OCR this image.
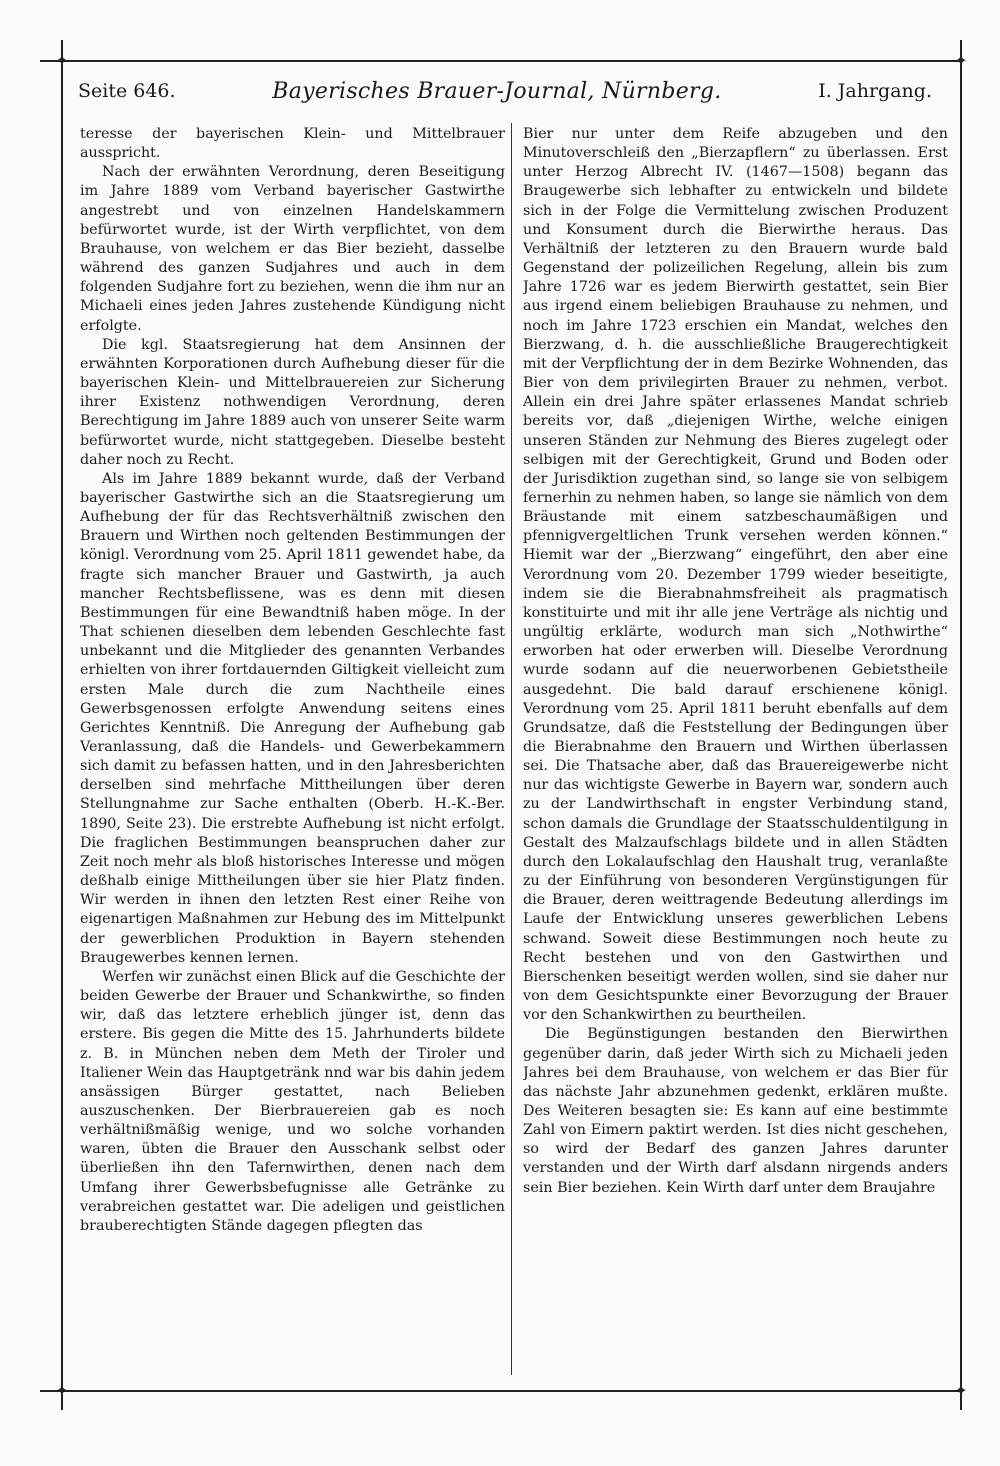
✦	✦
✦	✦
Seite 646.	Bayerisches Brauer-Journal, Nürnberg.	I. Jahrgang.

teresse der bayerischen Klein- und Mittelbrauer ausspricht.

Nach der erwähnten Verordnung, deren Beseitigung im Jahre 1889 vom Verband bayerischer Gastwirthe angestrebt und von einzelnen Handelskammern befürwortet wurde, ist der Wirth verpflichtet, von dem Brauhause, von welchem er das Bier bezieht, dasselbe während des ganzen Sudjahres und auch in dem folgenden Sudjahre fort zu beziehen, wenn die ihm nur an Michaeli eines jeden Jahres zustehende Kündigung nicht erfolgte.

Die kgl. Staatsregierung hat dem Ansinnen der erwähnten Korporationen durch Aufhebung dieser für die bayerischen Klein- und Mittelbrauereien zur Sicherung ihrer Existenz nothwendigen Verordnung, deren Berechtigung im Jahre 1889 auch von unserer Seite warm befürwortet wurde, nicht stattgegeben. Dieselbe besteht daher noch zu Recht.

Als im Jahre 1889 bekannt wurde, daß der Verband bayerischer Gastwirthe sich an die Staatsregierung um Aufhebung der für das Rechtsverhältniß zwischen den Brauern und Wirthen noch geltenden Bestimmungen der königl. Verordnung vom 25. April 1811 gewendet habe, da fragte sich mancher Brauer und Gastwirth, ja auch mancher Rechtsbeflissene, was es denn mit diesen Bestimmungen für eine Bewandtniß haben möge. In der That schienen dieselben dem lebenden Geschlechte fast unbekannt und die Mitglieder des genannten Verbandes erhielten von ihrer fortdauernden Giltigkeit vielleicht zum ersten Male durch die zum Nachtheile eines Gewerbsgenossen erfolgte Anwendung seitens eines Gerichtes Kenntniß. Die Anregung der Aufhebung gab Veranlassung, daß die Handels- und Gewerbekammern sich damit zu befassen hatten, und in den Jahresberichten derselben sind mehrfache Mittheilungen über deren Stellungnahme zur Sache enthalten (Oberb. H.-K.-Ber. 1890, Seite 23). Die erstrebte Aufhebung ist nicht erfolgt. Die fraglichen Bestimmungen beanspruchen daher zur Zeit noch mehr als bloß historisches Interesse und mögen deßhalb einige Mittheilungen über sie hier Platz finden. Wir werden in ihnen den letzten Rest einer Reihe von eigenartigen Maßnahmen zur Hebung des im Mittelpunkt der gewerblichen Produktion in Bayern stehenden Braugewerbes kennen lernen.

Werfen wir zunächst einen Blick auf die Geschichte der beiden Gewerbe der Brauer und Schankwirthe, so finden wir, daß das letztere erheblich jünger ist, denn das erstere. Bis gegen die Mitte des 15. Jahrhunderts bildete z. B. in München neben dem Meth der Tiroler und Italiener Wein das Hauptgetränk nnd war bis dahin jedem ansässigen Bürger gestattet, nach Belieben auszuschenken. Der Bierbrauereien gab es noch verhältnißmäßig wenige, und wo solche vorhanden waren, übten die Brauer den Ausschank selbst oder überließen ihn den Tafernwirthen, denen nach dem Umfang ihrer Gewerbsbefugnisse alle Getränke zu verabreichen gestattet war. Die adeligen und geistlichen brauberechtigten Stände dagegen pflegten das

Bier nur unter dem Reife abzugeben und den Minutoverschleiß den „Bierzapflern“ zu überlassen. Erst unter Herzog Albrecht IV. (1467—1508) begann das Braugewerbe sich lebhafter zu entwickeln und bildete sich in der Folge die Vermittelung zwischen Produzent und Konsument durch die Bierwirthe heraus. Das Verhältniß der letzteren zu den Brauern wurde bald Gegenstand der polizeilichen Regelung, allein bis zum Jahre 1726 war es jedem Bierwirth gestattet, sein Bier aus irgend einem beliebigen Brauhause zu nehmen, und noch im Jahre 1723 erschien ein Mandat, welches den Bierzwang, d. h. die ausschließliche Braugerechtigkeit mit der Verpflichtung der in dem Bezirke Wohnenden, das Bier von dem privilegirten Brauer zu nehmen, verbot. Allein ein drei Jahre später erlassenes Mandat schrieb bereits vor, daß „diejenigen Wirthe, welche einigen unseren Ständen zur Nehmung des Bieres zugelegt oder selbigen mit der Gerechtigkeit, Grund und Boden oder der Jurisdiktion zugethan sind, so lange sie von selbigem fernerhin zu nehmen haben, so lange sie nämlich von dem Bräustande mit einem satzbeschaumäßigen und pfennigvergeltlichen Trunk versehen werden können.“ Hiemit war der „Bierzwang“ eingeführt, den aber eine Verordnung vom 20. Dezember 1799 wieder beseitigte, indem sie die Bierabnahmsfreiheit als pragmatisch konstituirte und mit ihr alle jene Verträge als nichtig und ungültig erklärte, wodurch man sich „Nothwirthe“ erworben hat oder erwerben will. Dieselbe Verordnung wurde sodann auf die neuerworbenen Gebietstheile ausgedehnt. Die bald darauf erschienene königl. Verordnung vom 25. April 1811 beruht ebenfalls auf dem Grundsatze, daß die Feststellung der Bedingungen über die Bierabnahme den Brauern und Wirthen überlassen sei. Die Thatsache aber, daß das Brauereigewerbe nicht nur das wichtigste Gewerbe in Bayern war, sondern auch zu der Landwirthschaft in engster Verbindung stand, schon damals die Grundlage der Staatsschuldentilgung in Gestalt des Malzaufschlags bildete und in allen Städten durch den Lokalaufschlag den Haushalt trug, veranlaßte zu der Einführung von besonderen Vergünstigungen für die Brauer, deren weittragende Bedeutung allerdings im Laufe der Entwicklung unseres gewerblichen Lebens schwand. Soweit diese Bestimmungen noch heute zu Recht bestehen und von den Gastwirthen und Bierschenken beseitigt werden wollen, sind sie daher nur von dem Gesichtspunkte einer Bevorzugung der Brauer vor den Schankwirthen zu beurtheilen.

Die Begünstigungen bestanden den Bierwirthen gegenüber darin, daß jeder Wirth sich zu Michaeli jeden Jahres bei dem Brauhause, von welchem er das Bier für das nächste Jahr abzunehmen gedenkt, erklären mußte. Des Weiteren besagten sie: Es kann auf eine bestimmte Zahl von Eimern paktirt werden. Ist dies nicht geschehen, so wird der Bedarf des ganzen Jahres darunter verstanden und der Wirth darf alsdann nirgends anders sein Bier beziehen. Kein Wirth darf unter dem Braujahre
